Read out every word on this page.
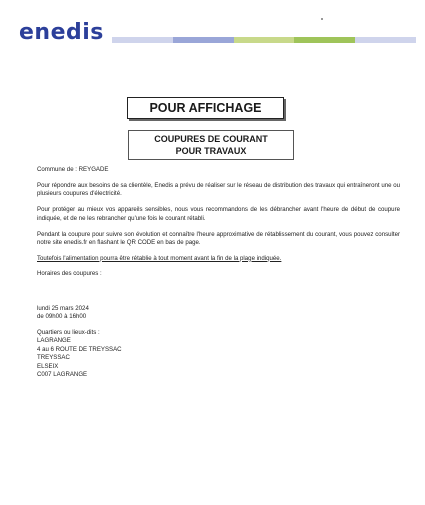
enedis
POUR AFFICHAGE
COUPURES DE COURANT
POUR TRAVAUX

Commune de : REYGADE

Pour répondre aux besoins de sa clientèle, Enedis a prévu de réaliser sur le réseau de distribution des travaux qui entraîneront une ou plusieurs coupures d'électricité.

Pour protéger au mieux vos appareils sensibles, nous vous recommandons de les débrancher avant l'heure de début de coupure indiquée, et de ne les rebrancher qu'une fois le courant rétabli.

Pendant la coupure pour suivre son évolution et connaître l'heure approximative de rétablissement du courant, vous pouvez consulter notre site enedis.fr en flashant le QR CODE en bas de page.

Toutefois l'alimentation pourra être rétablie à tout moment avant la fin de la plage indiquée.

Horaires des coupures :

lundi 25 mars 2024

de 09h00 à 16h00

Quartiers ou lieux-dits :

LAGRANGE

4 au 6 ROUTE DE TREYSSAC

TREYSSAC

ELSEIX

C007 LAGRANGE
